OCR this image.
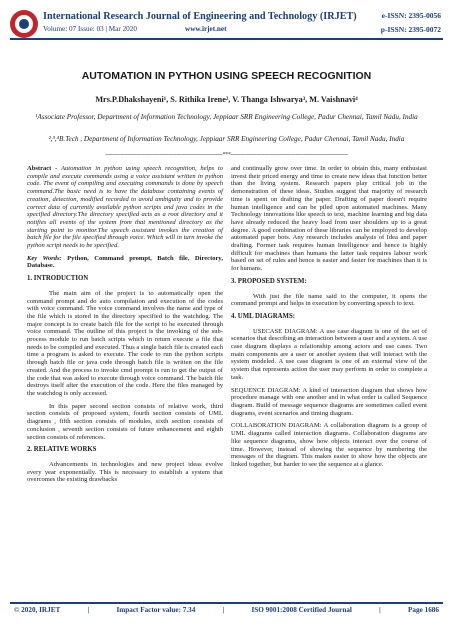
International Research Journal of Engineering and Technology (IRJET)
Volume: 07 Issue: 03 | Mar 2020	www.irjet.net
e-ISSN: 2395-0056
p-ISSN: 2395-0072
AUTOMATION IN PYTHON USING SPEECH RECOGNITION
Mrs.P.Dhakshayeni¹, S. Rithika Irene², V. Thanga Ishwarya³, M. Vaishnavi⁴
¹Associate Professor, Department of Information Technology, Jeppiaar SRR Engineering College, Padur Chennai, Tamil Nadu, India
²,³,⁴B.Tech , Department of Information Technology, Jeppiaar SRR Engineering College, Padur Chennai, Tamil Nadu, India
---------------------------------------------------------------------***---------------------------------------------------------------------

Abstract - Automation in python using speech recognition, helps to compile and execute commands using a voice assistant written in python code. The event of compiling and executing commands is done by speech command.The basic need is to have the database containing events of creation, detection, modified recorded to avoid ambiguity and to provide correct data of currently available python scripts and java codes in the specified directory.The directory specified acts as a root directory and it notifies all events of the system from that mentioned directory as the starting point to monitor.The speech assistant invokes the creation of batch file for the file specified through voice. Which will in turn invoke the python script needs to be specified.

Key Words: Python, Command prompt, Batch file, Directory, Database.

1. INTRODUCTION

The main aim of the project is to automatically open the command prompt and do auto compilation and execution of the codes with voice command. The voice command involves the name and type of the file which is stored in the directory specified to the watchdog. The major concept is to create batch file for the script to be executed through voice command. The outline of this project is the invoking of the sub-process module to run batch scripts which in return execute a file that needs to be compiled and executed. Thus a single batch file is created each time a program is asked to execute. The code to run the python scripts through batch file or java code through batch file is written on the file created. And the process to invoke cmd prompt is run to get the output of the code that was asked to execute through voice command. The batch file destroys itself after the execution of the code. Here the files managed by the watchdog is only accessed.

In this paper second section consists of relative work, third section consists of proposed system, fourth section consists of UML diagrams , fifth section consists of modules, sixth section consists of conclusion , seventh section consists of future enhancement and eighth section consists of references.

2. RELATIVE WORKS

Advancements in technologies and new project ideas evolve every year exponentially. This is necessary to establish a system that overcomes the existing drawbacks

and continually grow over time. In order to obtain this, many enthusiast invest their priced energy and time to create new ideas that function better than the living system. Research papers play critical job in the demonstration of these ideas. Studies suggest that majority of research time is spent on drafting the paper. Drafting of paper doesn't require human intelligence and can be piled upon automated machines. Many Technology innovations like speech to text, machine learning and big data have already reduced the heavy load from user shoulders up to a great degree. A good combination of these libraries can be employed to develop automated paper bots. Any research includes analysis of Idea and paper drafting. Former task requires human Intelligence and hence is highly difficult for machines than humans the latter task requires labour work based on set of rules and hence is easier and faster for machines than it is for humans.

3. PROPOSED SYSTEM:

With just the file name said to the computer, it opens the command prompt and helps in execution by converting speech to text.

4. UML DIAGRAMS:

USECASE DIAGRAM: A use case diagram is one of the set of scenarios that describing an interaction between a user and a system. A use case diagram displays a relationship among actors and use cases. Two main components are a user or another system that will interact with the system modeled. A use case diagram is one of an external view of the system that represents action the user may perform in order to complete a task.

SEQUENCE DIAGRAM: A kind of interaction diagram that shows how procedure manage with one another and in what order is called Sequence diagram. Build of message sequence diagrams are sometimes called event diagrams, event scenarios and timing diagram.

COLLABORATION DIAGRAM: A collaboration diagram is a group of UML diagrams called interaction diagrams. Collaboration diagrams are like sequence diagrams, show how objects interact over the course of time. However, instead of showing the sequence by numbering the messages of the diagram. This makes easier to show how the objects are linked together, but harder to see the sequence at a glance.

© 2020, IRJET	|	Impact Factor value: 7.34	|	ISO 9001:2008 Certified Journal	|	Page 1686
